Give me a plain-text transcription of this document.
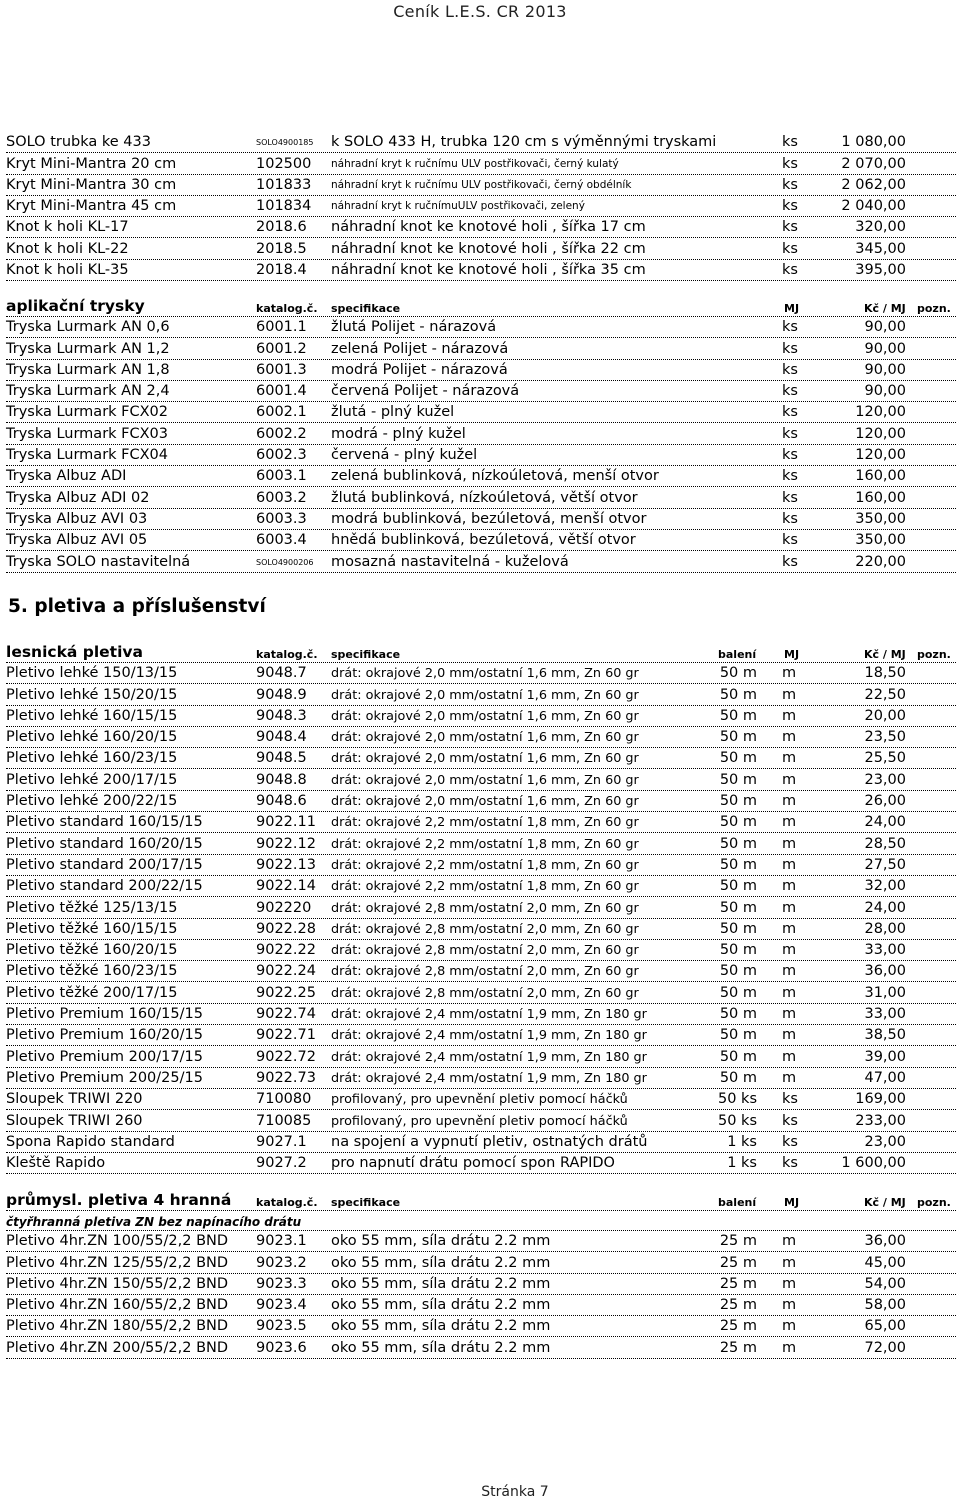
Ceník L.E.S. CR 2013
SOLO trubka ke 433	SOLO4900185 k SOLO 433 H, trubka 120 cm s výměnnými tryskami	ks	1 080,00
Kryt Mini-Mantra 20 cm	102500 náhradní kryt k ručnímu ULV postřikovači, černý kulatý	ks	2 070,00
Kryt Mini-Mantra 30 cm	101833 náhradní kryt k ručnímu ULV postřikovači, černý obdélník	ks	2 062,00
Kryt Mini-Mantra 45 cm	101834 náhradní kryt k ručnímuULV postřikovači, zelený	ks	2 040,00
Knot k holi KL-17	2018.6 náhradní knot ke knotové holi , šířka 17 cm	ks	320,00
Knot k holi KL-22	2018.5 náhradní knot ke knotové holi , šířka 22 cm	ks	345,00
Knot k holi KL-35	2018.4 náhradní knot ke knotové holi , šířka 35 cm	ks	395,00
aplikační trysky	katalog.č. specifikace	MJ	Kč / MJ pozn.
Tryska Lurmark AN 0,6	6001.1 žlutá Polijet - nárazová	ks	90,00
Tryska Lurmark AN 1,2	6001.2 zelená Polijet - nárazová	ks	90,00
Tryska Lurmark AN 1,8	6001.3 modrá Polijet - nárazová	ks	90,00
Tryska Lurmark AN 2,4	6001.4 červená Polijet - nárazová	ks	90,00
Tryska Lurmark FCX02	6002.1 žlutá - plný kužel	ks	120,00
Tryska Lurmark FCX03	6002.2 modrá - plný kužel	ks	120,00
Tryska Lurmark FCX04	6002.3 červená - plný kužel	ks	120,00
Tryska Albuz ADI	6003.1 zelená bublinková, nízkoúletová, menší otvor	ks	160,00
Tryska Albuz ADI 02	6003.2 žlutá bublinková, nízkoúletová, větší otvor	ks	160,00
Tryska Albuz AVI 03	6003.3 modrá bublinková, bezúletová, menší otvor	ks	350,00
Tryska Albuz AVI 05	6003.4 hnědá bublinková, bezúletová, větší otvor	ks	350,00
Tryska SOLO nastavitelná	SOLO4900206 mosazná nastavitelná - kuželová	ks	220,00
5. pletiva a příslušenství
lesnická pletiva	katalog.č. specifikace	balení	MJ	Kč / MJ pozn.
Pletivo lehké 150/13/15	9048.7 drát: okrajové 2,0 mm/ostatní 1,6 mm, Zn 60 gr	50 m m	18,50
Pletivo lehké 150/20/15	9048.9 drát: okrajové 2,0 mm/ostatní 1,6 mm, Zn 60 gr	50 m m	22,50
Pletivo lehké 160/15/15	9048.3 drát: okrajové 2,0 mm/ostatní 1,6 mm, Zn 60 gr	50 m m	20,00
Pletivo lehké 160/20/15	9048.4 drát: okrajové 2,0 mm/ostatní 1,6 mm, Zn 60 gr	50 m m	23,50
Pletivo lehké 160/23/15	9048.5 drát: okrajové 2,0 mm/ostatní 1,6 mm, Zn 60 gr	50 m m	25,50
Pletivo lehké 200/17/15	9048.8 drát: okrajové 2,0 mm/ostatní 1,6 mm, Zn 60 gr	50 m m	23,00
Pletivo lehké 200/22/15	9048.6 drát: okrajové 2,0 mm/ostatní 1,6 mm, Zn 60 gr	50 m m	26,00
Pletivo standard 160/15/15	9022.11 drát: okrajové 2,2 mm/ostatní 1,8 mm, Zn 60 gr	50 m m	24,00
Pletivo standard 160/20/15	9022.12 drát: okrajové 2,2 mm/ostatní 1,8 mm, Zn 60 gr	50 m m	28,50
Pletivo standard 200/17/15	9022.13 drát: okrajové 2,2 mm/ostatní 1,8 mm, Zn 60 gr	50 m m	27,50
Pletivo standard 200/22/15	9022.14 drát: okrajové 2,2 mm/ostatní 1,8 mm, Zn 60 gr	50 m m	32,00
Pletivo těžké 125/13/15	902220 drát: okrajové 2,8 mm/ostatní 2,0 mm, Zn 60 gr	50 m m	24,00
Pletivo těžké 160/15/15	9022.28 drát: okrajové 2,8 mm/ostatní 2,0 mm, Zn 60 gr	50 m m	28,00
Pletivo těžké 160/20/15	9022.22 drát: okrajové 2,8 mm/ostatní 2,0 mm, Zn 60 gr	50 m m	33,00
Pletivo těžké 160/23/15	9022.24 drát: okrajové 2,8 mm/ostatní 2,0 mm, Zn 60 gr	50 m m	36,00
Pletivo těžké 200/17/15	9022.25 drát: okrajové 2,8 mm/ostatní 2,0 mm, Zn 60 gr	50 m m	31,00
Pletivo Premium 160/15/15	9022.74 drát: okrajové 2,4 mm/ostatní 1,9 mm, Zn 180 gr	50 m m	33,00
Pletivo Premium 160/20/15	9022.71 drát: okrajové 2,4 mm/ostatní 1,9 mm, Zn 180 gr	50 m m	38,50
Pletivo Premium 200/17/15	9022.72 drát: okrajové 2,4 mm/ostatní 1,9 mm, Zn 180 gr	50 m m	39,00
Pletivo Premium 200/25/15	9022.73 drát: okrajové 2,4 mm/ostatní 1,9 mm, Zn 180 gr	50 m m	47,00
Sloupek TRIWI 220	710080 profilovaný, pro upevnění pletiv pomocí háčků	50 ks ks	169,00
Sloupek TRIWI 260	710085 profilovaný, pro upevnění pletiv pomocí háčků	50 ks ks	233,00
Spona Rapido standard	9027.1 na spojení a vypnutí pletiv, ostnatých drátů	1 ks ks	23,00
Kleště Rapido	9027.2 pro napnutí drátu pomocí spon RAPIDO	1 ks ks	1 600,00
průmysl. pletiva 4 hranná katalog.č. specifikace	balení	MJ	Kč / MJ pozn.
čtyřhranná pletiva ZN bez napínacího drátu
Pletivo 4hr.ZN 100/55/2,2 BND 9023.1 oko 55 mm, síla drátu 2.2 mm	25 m m	36,00
Pletivo 4hr.ZN 125/55/2,2 BND 9023.2 oko 55 mm, síla drátu 2.2 mm	25 m m	45,00
Pletivo 4hr.ZN 150/55/2,2 BND 9023.3 oko 55 mm, síla drátu 2.2 mm	25 m m	54,00
Pletivo 4hr.ZN 160/55/2,2 BND 9023.4 oko 55 mm, síla drátu 2.2 mm	25 m m	58,00
Pletivo 4hr.ZN 180/55/2,2 BND 9023.5 oko 55 mm, síla drátu 2.2 mm	25 m m	65,00
Pletivo 4hr.ZN 200/55/2,2 BND 9023.6 oko 55 mm, síla drátu 2.2 mm	25 m m	72,00
Stránka 7
